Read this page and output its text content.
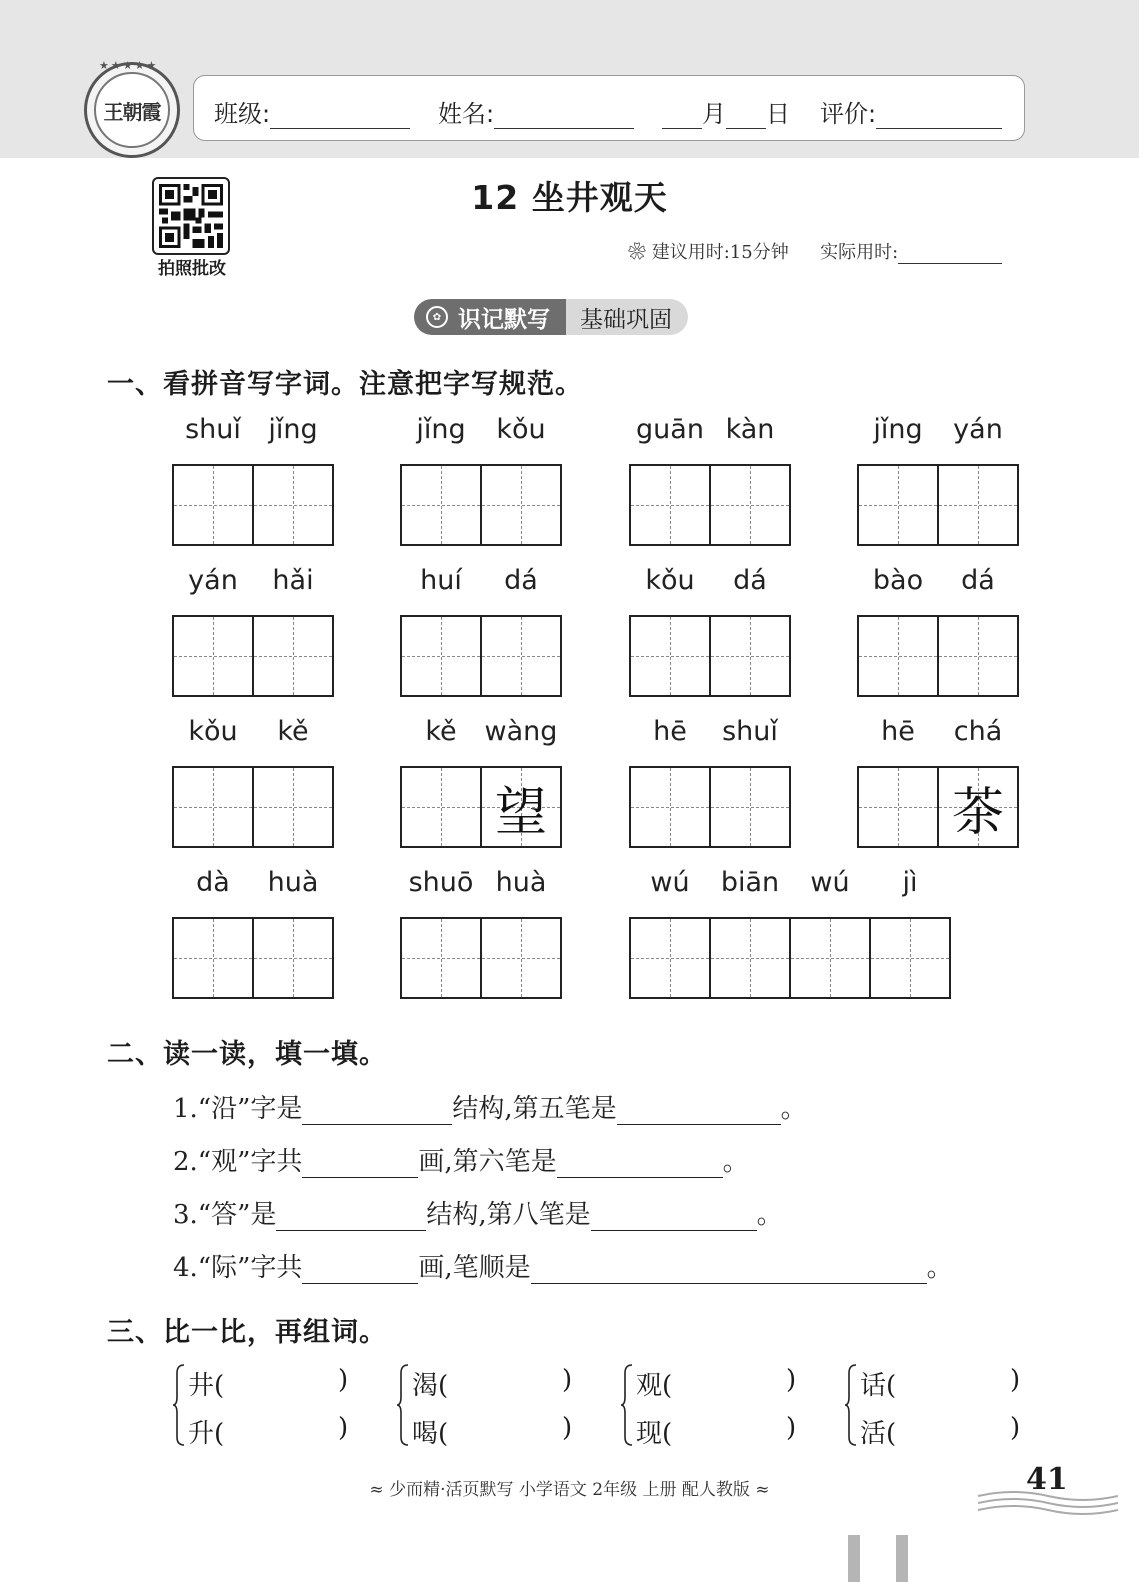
★★★★★
王朝霞	班级:	姓名:	月 日 评价:
拍照批改
12 坐井观天
❀ 建议用时:15分钟 实际用时:
✿ 识记默写	基础巩固
一、看拼音写字词。注意把字写规范。
shuǐ	jǐng	jǐng	kǒu	guān kàn	jǐng	yán
yán	hǎi	huí	dá	kǒu	dá	bào	dá
kǒu	kě	kě	wàng
望
hē	shuǐ	hē	chá
茶
dà	huà	shuō huà	wú	biān	wú	jì
二、读一读，填一填。
1.“沿”字是	结构,第五笔是	。
2.“观”字共	画,第六笔是	。
3.“答”是	结构,第八笔是	。
4.“际”字共	画,笔顺是	。
三、比一比，再组词。
井(	)
升(	)
渴(	)
喝(	)
观(	)
现(	)
话(	)
活(	)
≈ 少而精·活页默写 小学语文 2年级 上册 配人教版 ≈	41
